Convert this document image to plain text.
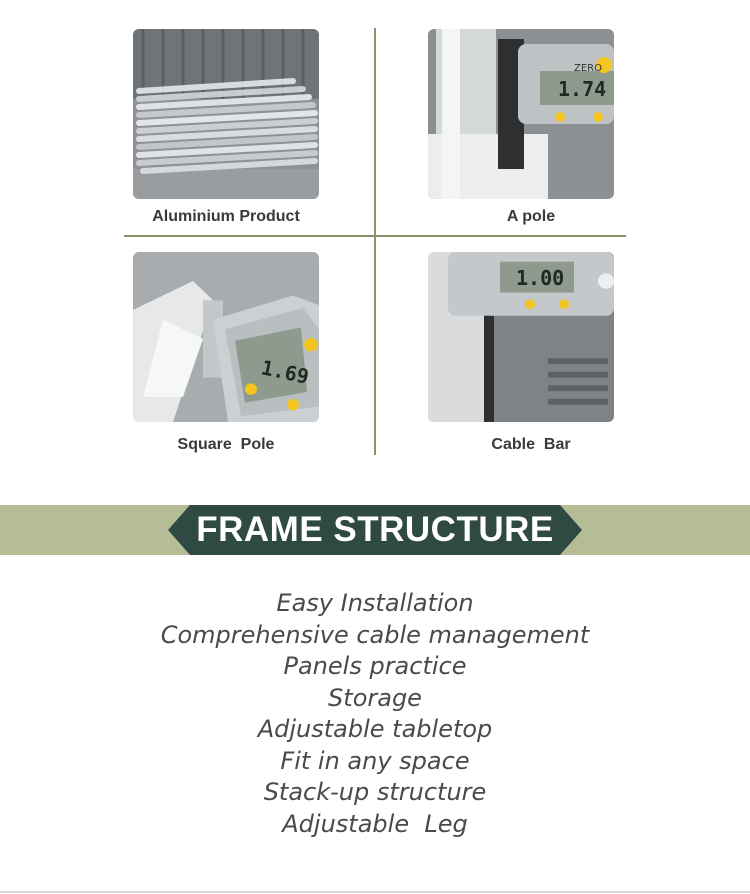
Aluminium Product
ZERO
1.74
A pole
1.69
Square  Pole
1.00
Cable  Bar
FRAME STRUCTURE
Easy Installation
Comprehensive cable management
Panels practice
Storage
Adjustable tabletop
Fit in any space
Stack-up structure
Adjustable  Leg
